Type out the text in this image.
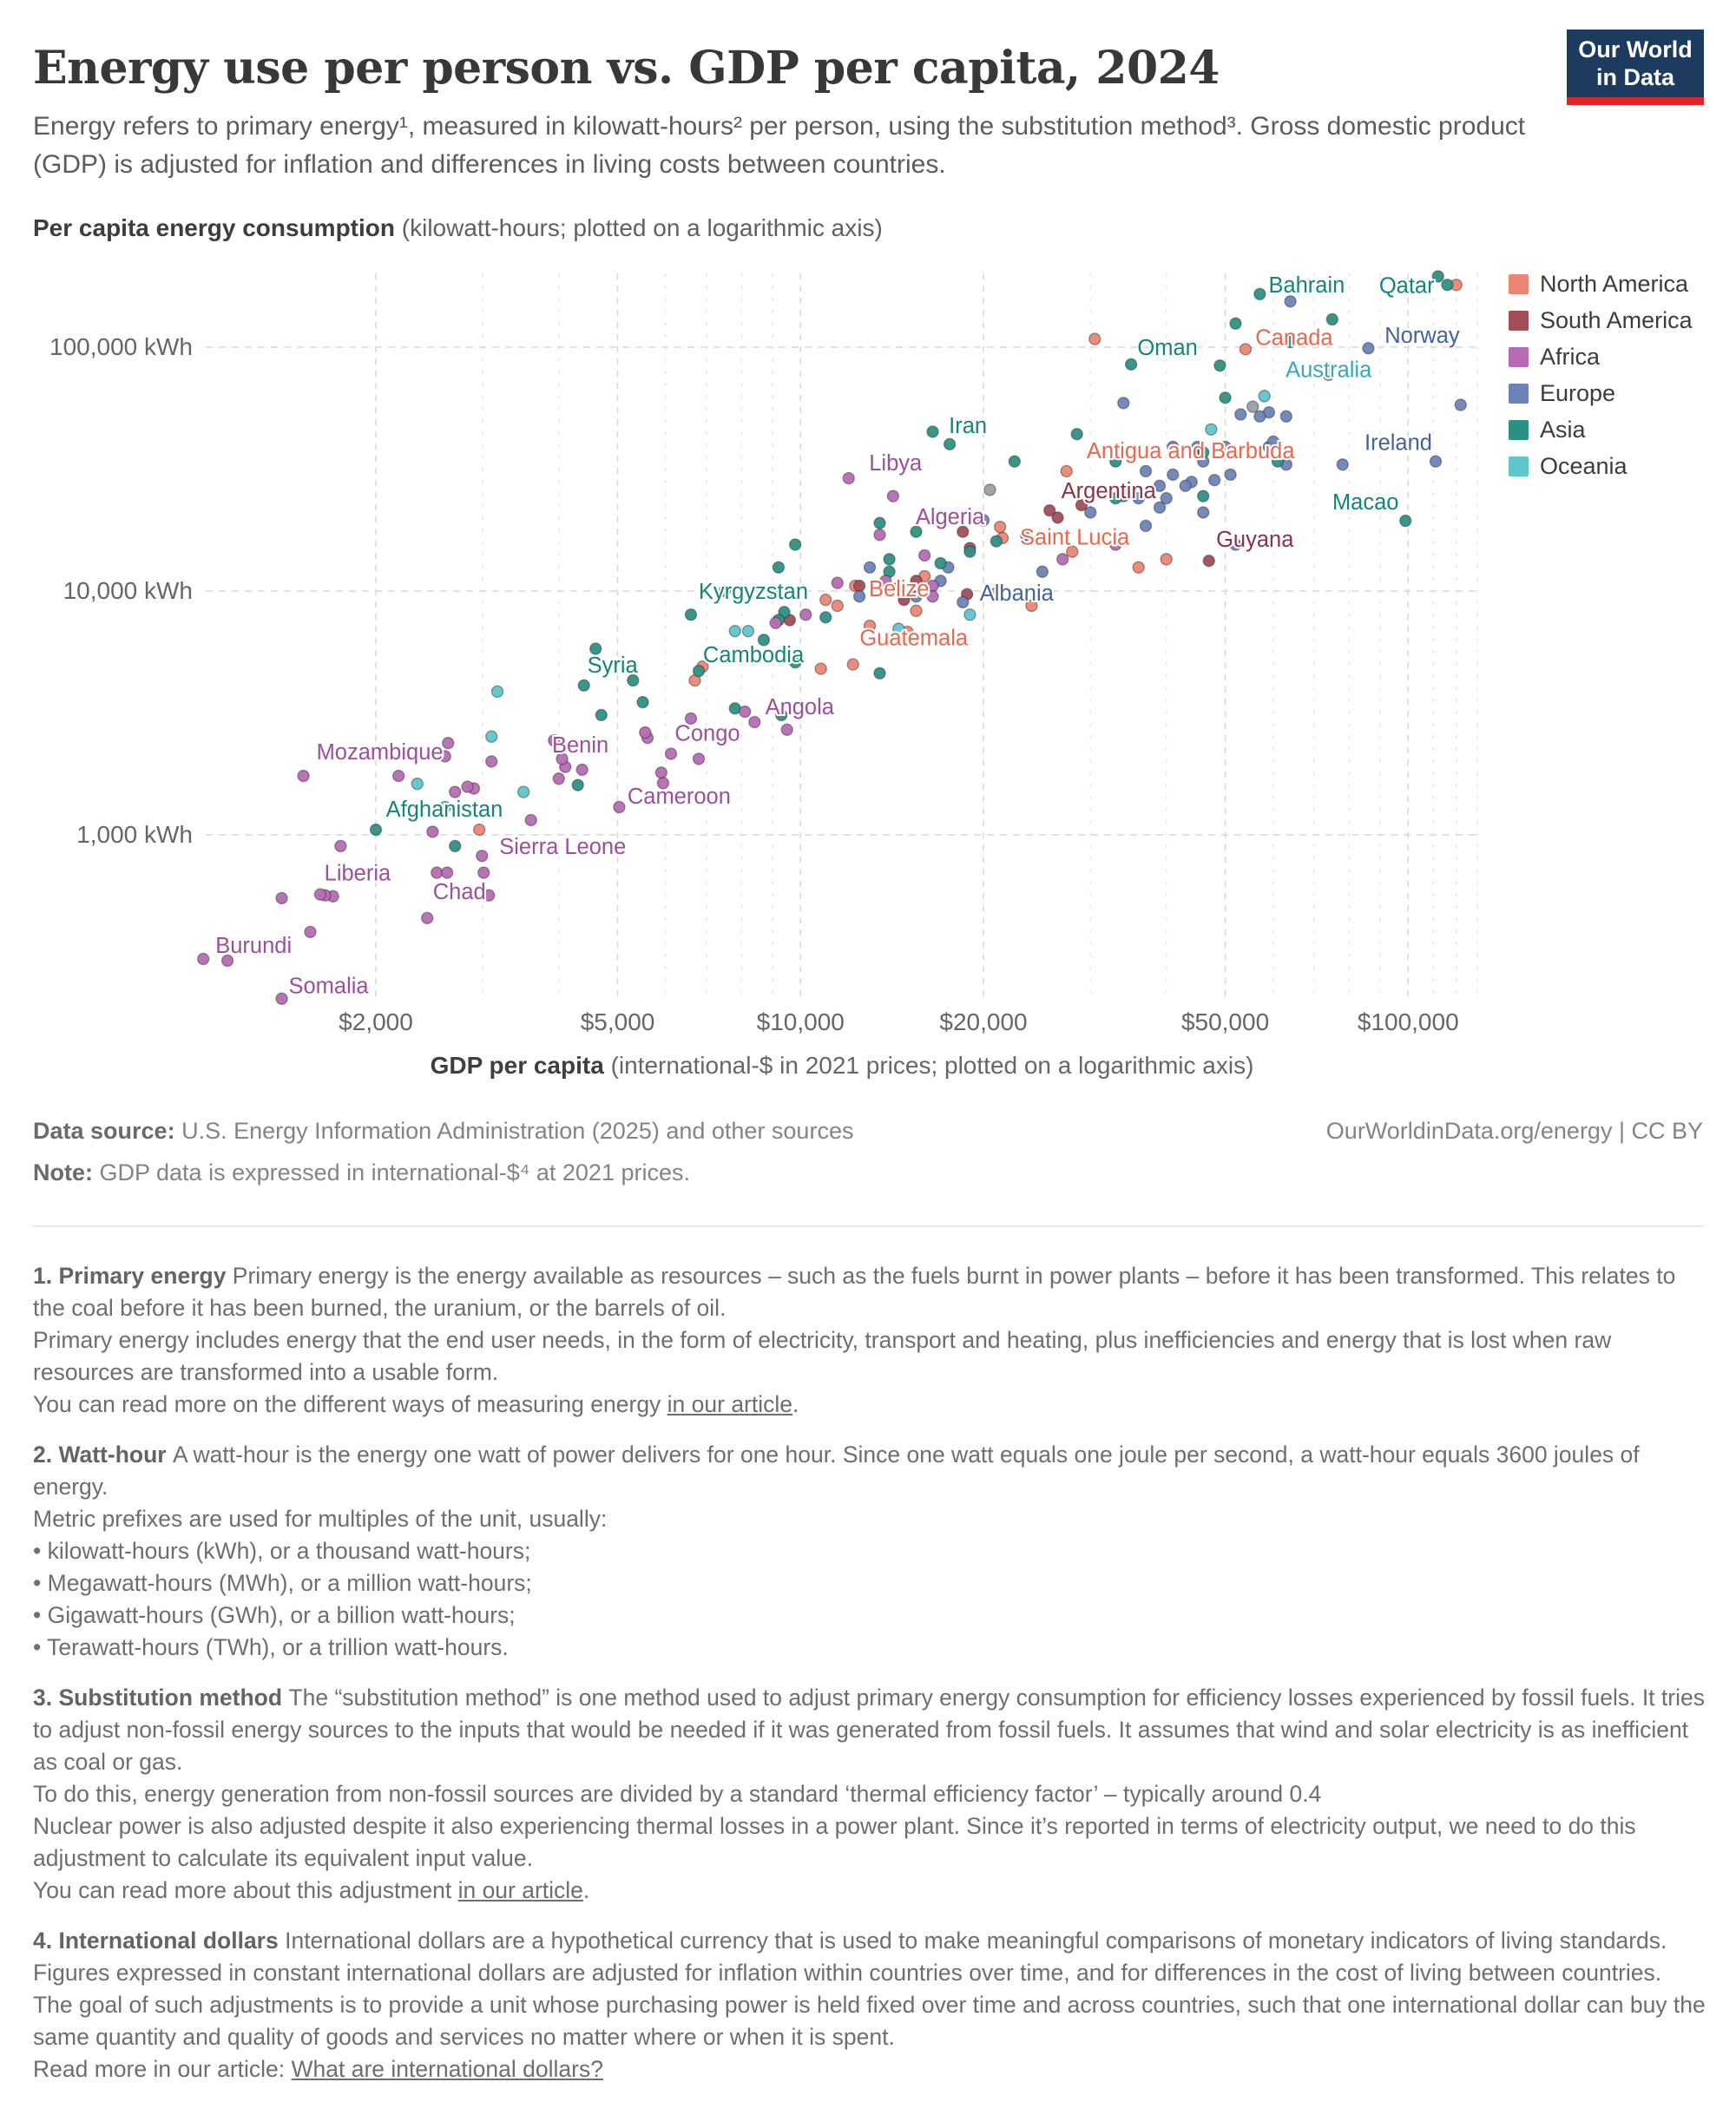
Energy use per person vs. GDP per capita, 2024
Energy refers to primary energy¹, measured in kilowatt-hours² per person, using the substitution method³. Gross domestic product (GDP) is adjusted for inflation and differences in living costs between countries.
Our World
in Data
Per capita energy consumption (kilowatt-hours; plotted on a logarithmic axis)
Qatar
Bahrain
Canada Norway
Oman
Australia
Iran
Libya
Antigua and Barbuda	Ireland
Argentina	Macao
Saint Lucia	Guyana
Algeria
Belize Albania
Kyrgyzstan
Guatemala
Cambodia
Syria
Angola
Congo
Benin
Mozambique
Cameroon
Afghanistan
Sierra Leone
Liberia
Chad
Burundi
Somalia
100,000 kWh
10,000 kWh
1,000 kWh
$2,000	$5,000	$10,000	$20,000	$50,000	$100,000
GDP per capita (international-$ in 2021 prices; plotted on a logarithmic axis)
North America
South America
Africa
Europe
Asia
Oceania
Data source: U.S. Energy Information Administration (2025) and other sources	OurWorldinData.org/energy | CC BY
Note: GDP data is expressed in international-$⁴ at 2021 prices.

1. Primary energy Primary energy is the energy available as resources – such as the fuels burnt in power plants – before it has been transformed. This relates to the coal before it has been burned, the uranium, or the barrels of oil.

Primary energy includes energy that the end user needs, in the form of electricity, transport and heating, plus inefficiencies and energy that is lost when raw resources are transformed into a usable form.

You can read more on the different ways of measuring energy in our article.

2. Watt-hour A watt-hour is the energy one watt of power delivers for one hour. Since one watt equals one joule per second, a watt-hour equals 3600 joules of energy.

Metric prefixes are used for multiples of the unit, usually:

• kilowatt-hours (kWh), or a thousand watt-hours;

• Megawatt-hours (MWh), or a million watt-hours;

• Gigawatt-hours (GWh), or a billion watt-hours;

• Terawatt-hours (TWh), or a trillion watt-hours.

3. Substitution method The “substitution method” is one method used to adjust primary energy consumption for efficiency losses experienced by fossil fuels. It tries to adjust non-fossil energy sources to the inputs that would be needed if it was generated from fossil fuels. It assumes that wind and solar electricity is as inefficient as coal or gas.

To do this, energy generation from non-fossil sources are divided by a standard ‘thermal efficiency factor’ – typically around 0.4

Nuclear power is also adjusted despite it also experiencing thermal losses in a power plant. Since it’s reported in terms of electricity output, we need to do this adjustment to calculate its equivalent input value.

You can read more about this adjustment in our article.

4. International dollars International dollars are a hypothetical currency that is used to make meaningful comparisons of monetary indicators of living standards.

Figures expressed in constant international dollars are adjusted for inflation within countries over time, and for differences in the cost of living between countries.

The goal of such adjustments is to provide a unit whose purchasing power is held fixed over time and across countries, such that one international dollar can buy the same quantity and quality of goods and services no matter where or when it is spent.

Read more in our article: What are international dollars?
